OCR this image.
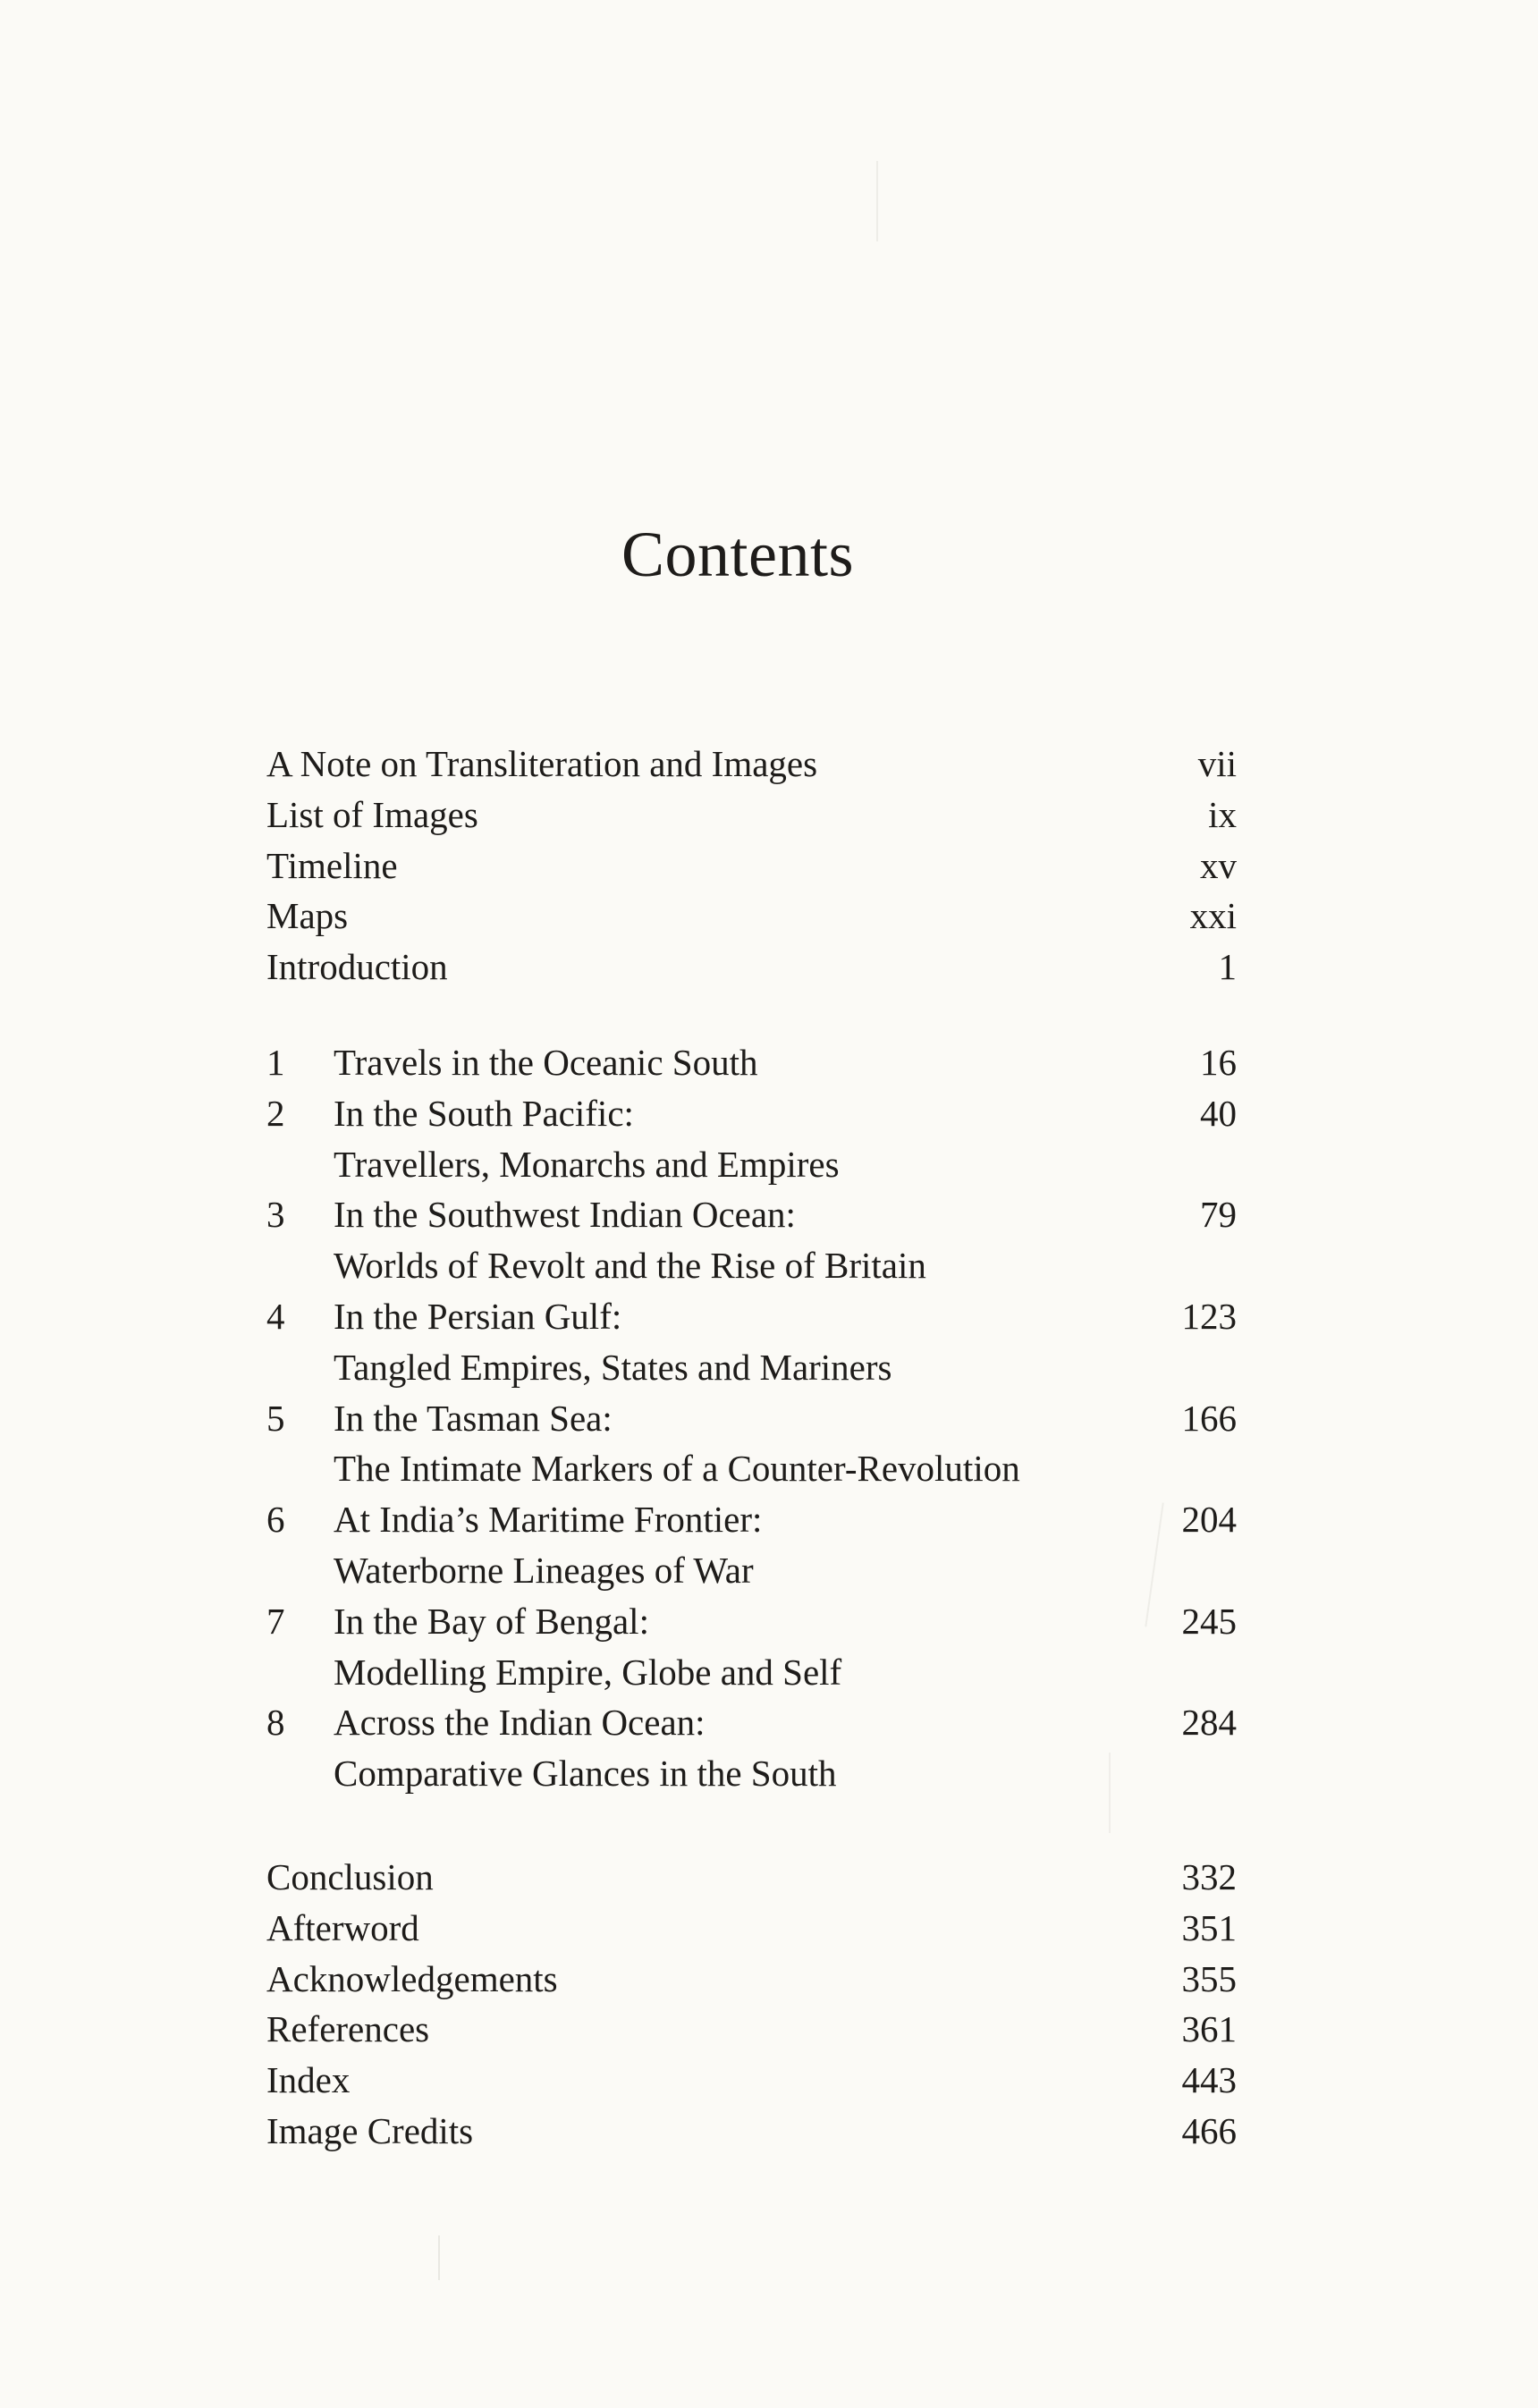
Contents
A Note on Transliteration and Images	vii
List of Images	ix
Timeline	xv
Maps	xxi
Introduction	1
1 Travels in the Oceanic South	16
2 In the South Pacific:	40
Travellers, Monarchs and Empires
3 In the Southwest Indian Ocean:	79
Worlds of Revolt and the Rise of Britain
4 In the Persian Gulf:	123
Tangled Empires, States and Mariners
5 In the Tasman Sea:	166
The Intimate Markers of a Counter-Revolution
6 At India’s Maritime Frontier:	204
Waterborne Lineages of War
7 In the Bay of Bengal:	245
Modelling Empire, Globe and Self
8 Across the Indian Ocean:	284
Comparative Glances in the South
Conclusion	332
Afterword	351
Acknowledgements	355
References	361
Index	443
Image Credits	466
